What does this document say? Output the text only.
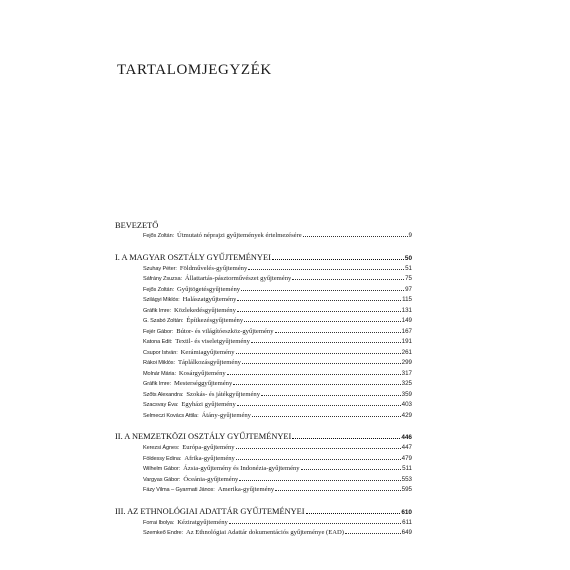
TARTALOMJEGYZÉK
BEVEZETŐ
Fejős Zoltán: Útmutató néprajzi gyűjtemények értelmezésére	9
I. A MAGYAR OSZTÁLY GYŰJTEMÉNYEI	50
Szuhay Péter: Földművelés-gyűjtemény	51
Sáfrány Zsuzsa: Állattartás-pásztorművészet gyűjtemény	75
Fejős Zoltán: Gyűjtögetésgyűjtemény	97
Szilágyi Miklós: Halászatgyűjtemény	115
Gráfik Imre: Közlekedésgyűjtemény	131
G. Szabó Zoltán: Építkezésgyűjtemény	149
Fejér Gábor: Bútor- és világítóeszköz-gyűjtemény	167
Katona Edit: Textil- és viseletgyűjtemény	191
Csupor István: Kerámiagyűjtemény	261
Rákoi Miklós: Táplálkozásgyűjtemény	299
Molnár Mária: Kosárgyűjtemény	317
Gráfik Imre: Mesterséggyűjtemény	325
Szőts Alexandra: Szokás- és játékgyűjtemény	359
Szacsvay Éva: Egyházi gyűjtemény	403
Selmeczi Kovács Attila: Átány-gyűjtemény	429
II. A NEMZETKÖZI OSZTÁLY GYŰJTEMÉNYEI	446
Kerezsi Ágnes: Európa-gyűjtemény	447
Földessy Edina: Afrika-gyűjtemény	479
Wilhelm Gábor: Ázsia-gyűjtemény és Indonézia-gyűjtemény	511
Vargyas Gábor: Óceánia-gyűjtemény	553
Fázy Vilma – Gyarmati János: Amerika-gyűjtemény	595
III. AZ ETHNOLÓGIAI ADATTÁR GYŰJTEMÉNYEI	610
Forrai Ibolya: Kéziratgyűjtemény	611
Szemkeő Endre: Az Ethnológiai Adattár dokumentációs gyűjteménye (EAD)	649
